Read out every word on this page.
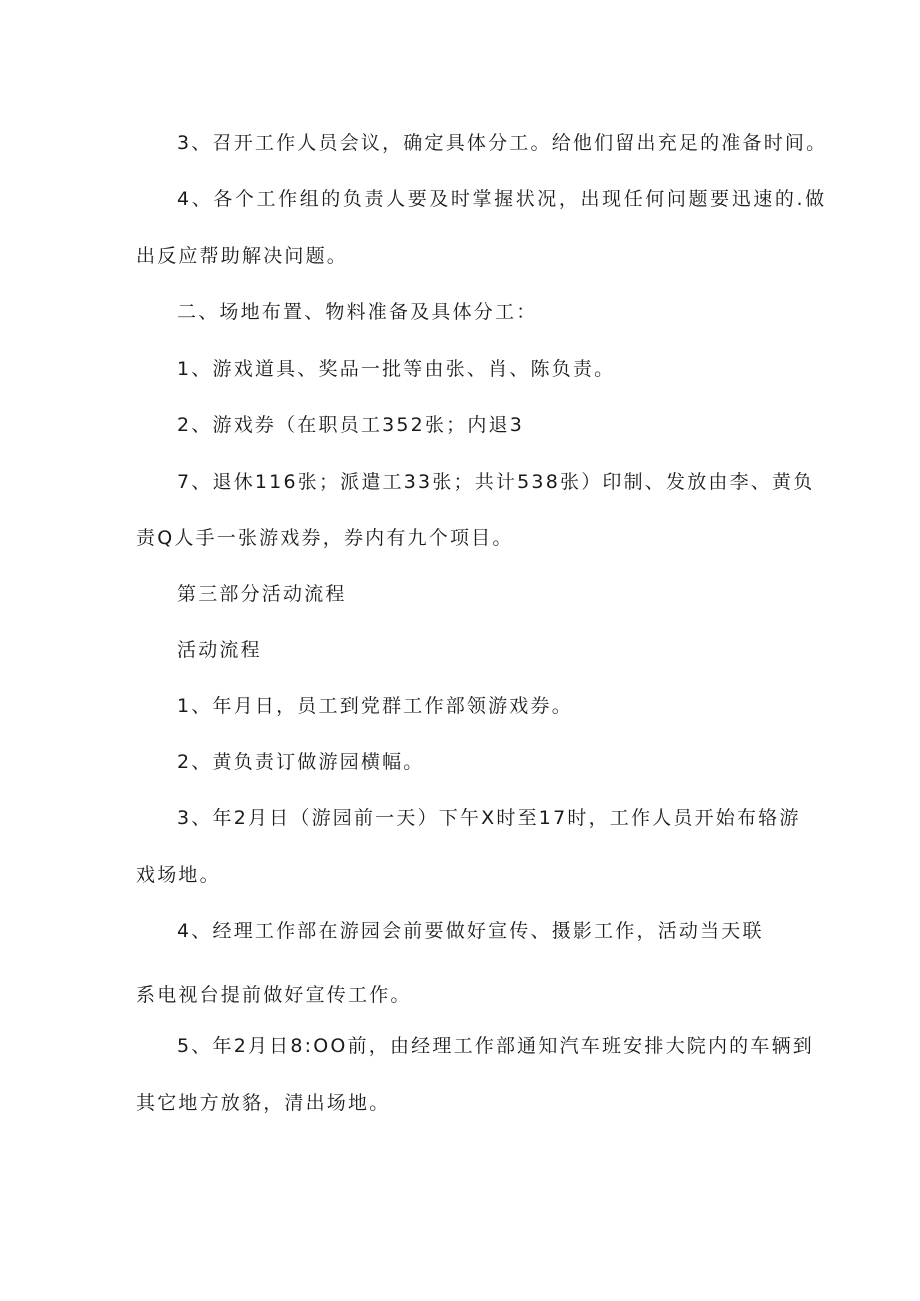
3、召开工作人员会议，确定具体分工。给他们留出充足的准备时间。
4、各个工作组的负责人要及时掌握状况，出现任何问题要迅速的.做
出反应帮助解决问题。
二、场地布置、物料准备及具体分工：
1、游戏道具、奖品一批等由张、肖、陈负责。
2、游戏券（在职员工352张；内退3
7、退休116张；派遣工33张；共计538张）印制、发放由李、黄负
责Q人手一张游戏券，券内有九个项目。
第三部分活动流程
活动流程
1、年月日，员工到党群工作部领游戏券。
2、黄负责订做游园横幅。
3、年2月日（游园前一天）下午X时至17时，工作人员开始布辂游
戏场地。
4、经理工作部在游园会前要做好宣传、摄影工作，活动当天联
系电视台提前做好宣传工作。
5、年2月日8:OO前，由经理工作部通知汽车班安排大院内的车辆到
其它地方放貉，清出场地。
